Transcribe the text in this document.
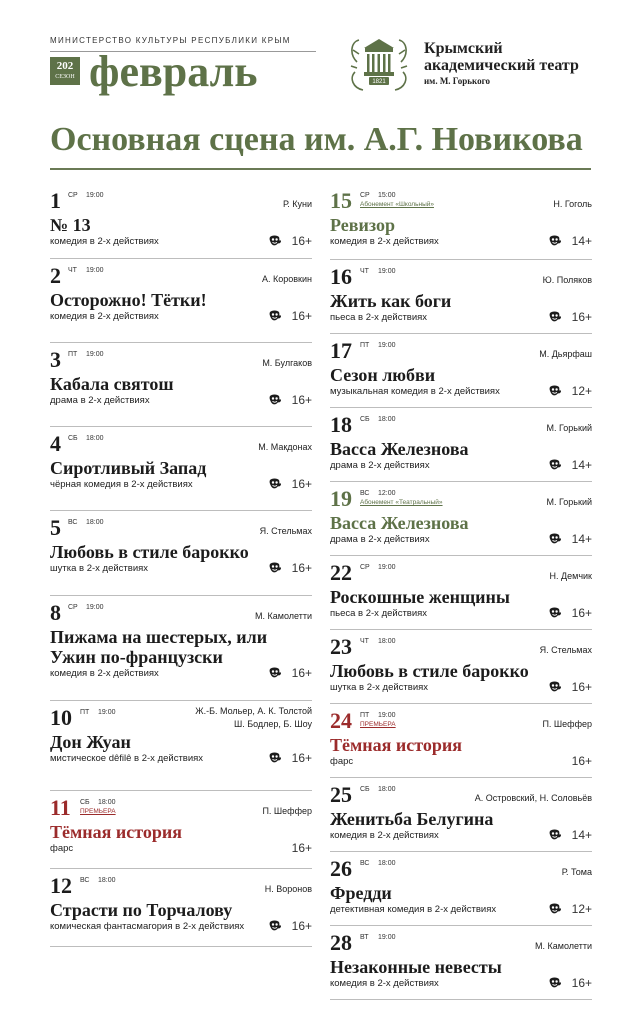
МИНИСТЕРСТВО КУЛЬТУРЫ РЕСПУБЛИКИ КРЫМ
202
СЕЗОН февраль	1821
Крымский
академический театр
им. М. Горького
Основная сцена им. А.Г. Новикова
1 СР 19:00
Р. Куни
№ 13
комедия в 2-х действиях	16+
2 ЧТ 19:00
А. Коровкин
Осторожно! Тётки!
комедия в 2-х действиях	16+
3 ПТ 19:00
М. Булгаков
Кабала святош
драма в 2-х действиях	16+
4 СБ 18:00
М. Макдонах
Сиротливый Запад
чёрная комедия в 2-х действиях	16+
5 ВС 18:00
Я. Стельмах
Любовь в стиле барокко
шутка в 2-х действиях	16+
8 СР 19:00
М. Камолетти
Пижама на шестерых, или
Ужин по-французски
комедия в 2-х действиях	16+
10 ПТ 19:00	Ж.-Б. Мольер, А. К. Толстой
Ш. Бодлер, Б. Шоу
Дон Жуан
мистическое dêfilê в 2-х действиях	16+
11 СБ 18:00
ПРЕМЬЕРА	П. Шеффер
Тёмная история
фарс	16+
12 ВС 18:00
Н. Воронов
Страсти по Торчалову
комическая фантасмагория в 2-х действиях	16+
15 СР 15:00
Абонемент «Школьный»	Н. Гоголь
Ревизор
комедия в 2-х действиях	14+
16 ЧТ 19:00
Ю. Поляков
Жить как боги
пьеса в 2-х действиях	16+
17 ПТ 19:00
М. Дьярфаш
Сезон любви
музыкальная комедия в 2-х действиях	12+
18 СБ 18:00
М. Горький
Васса Железнова
драма в 2-х действиях	14+
19 ВС 12:00
Абонемент «Театральный»	М. Горький
Васса Железнова
драма в 2-х действиях	14+
22 СР 19:00
Н. Демчик
Роскошные женщины
пьеса в 2-х действиях	16+
23 ЧТ 18:00
Я. Стельмах
Любовь в стиле барокко
шутка в 2-х действиях	16+
24 ПТ 19:00
ПРЕМЬЕРА	П. Шеффер
Тёмная история
фарс	16+
25 СБ 18:00
А. Островский, Н. Соловьёв
Женитьба Белугина
комедия в 2-х действиях	14+
26 ВС 18:00
Р. Тома
Фредди
детективная комедия в 2-х действиях	12+
28 ВТ 19:00
М. Камолетти
Незаконные невесты
комедия в 2-х действиях	16+
